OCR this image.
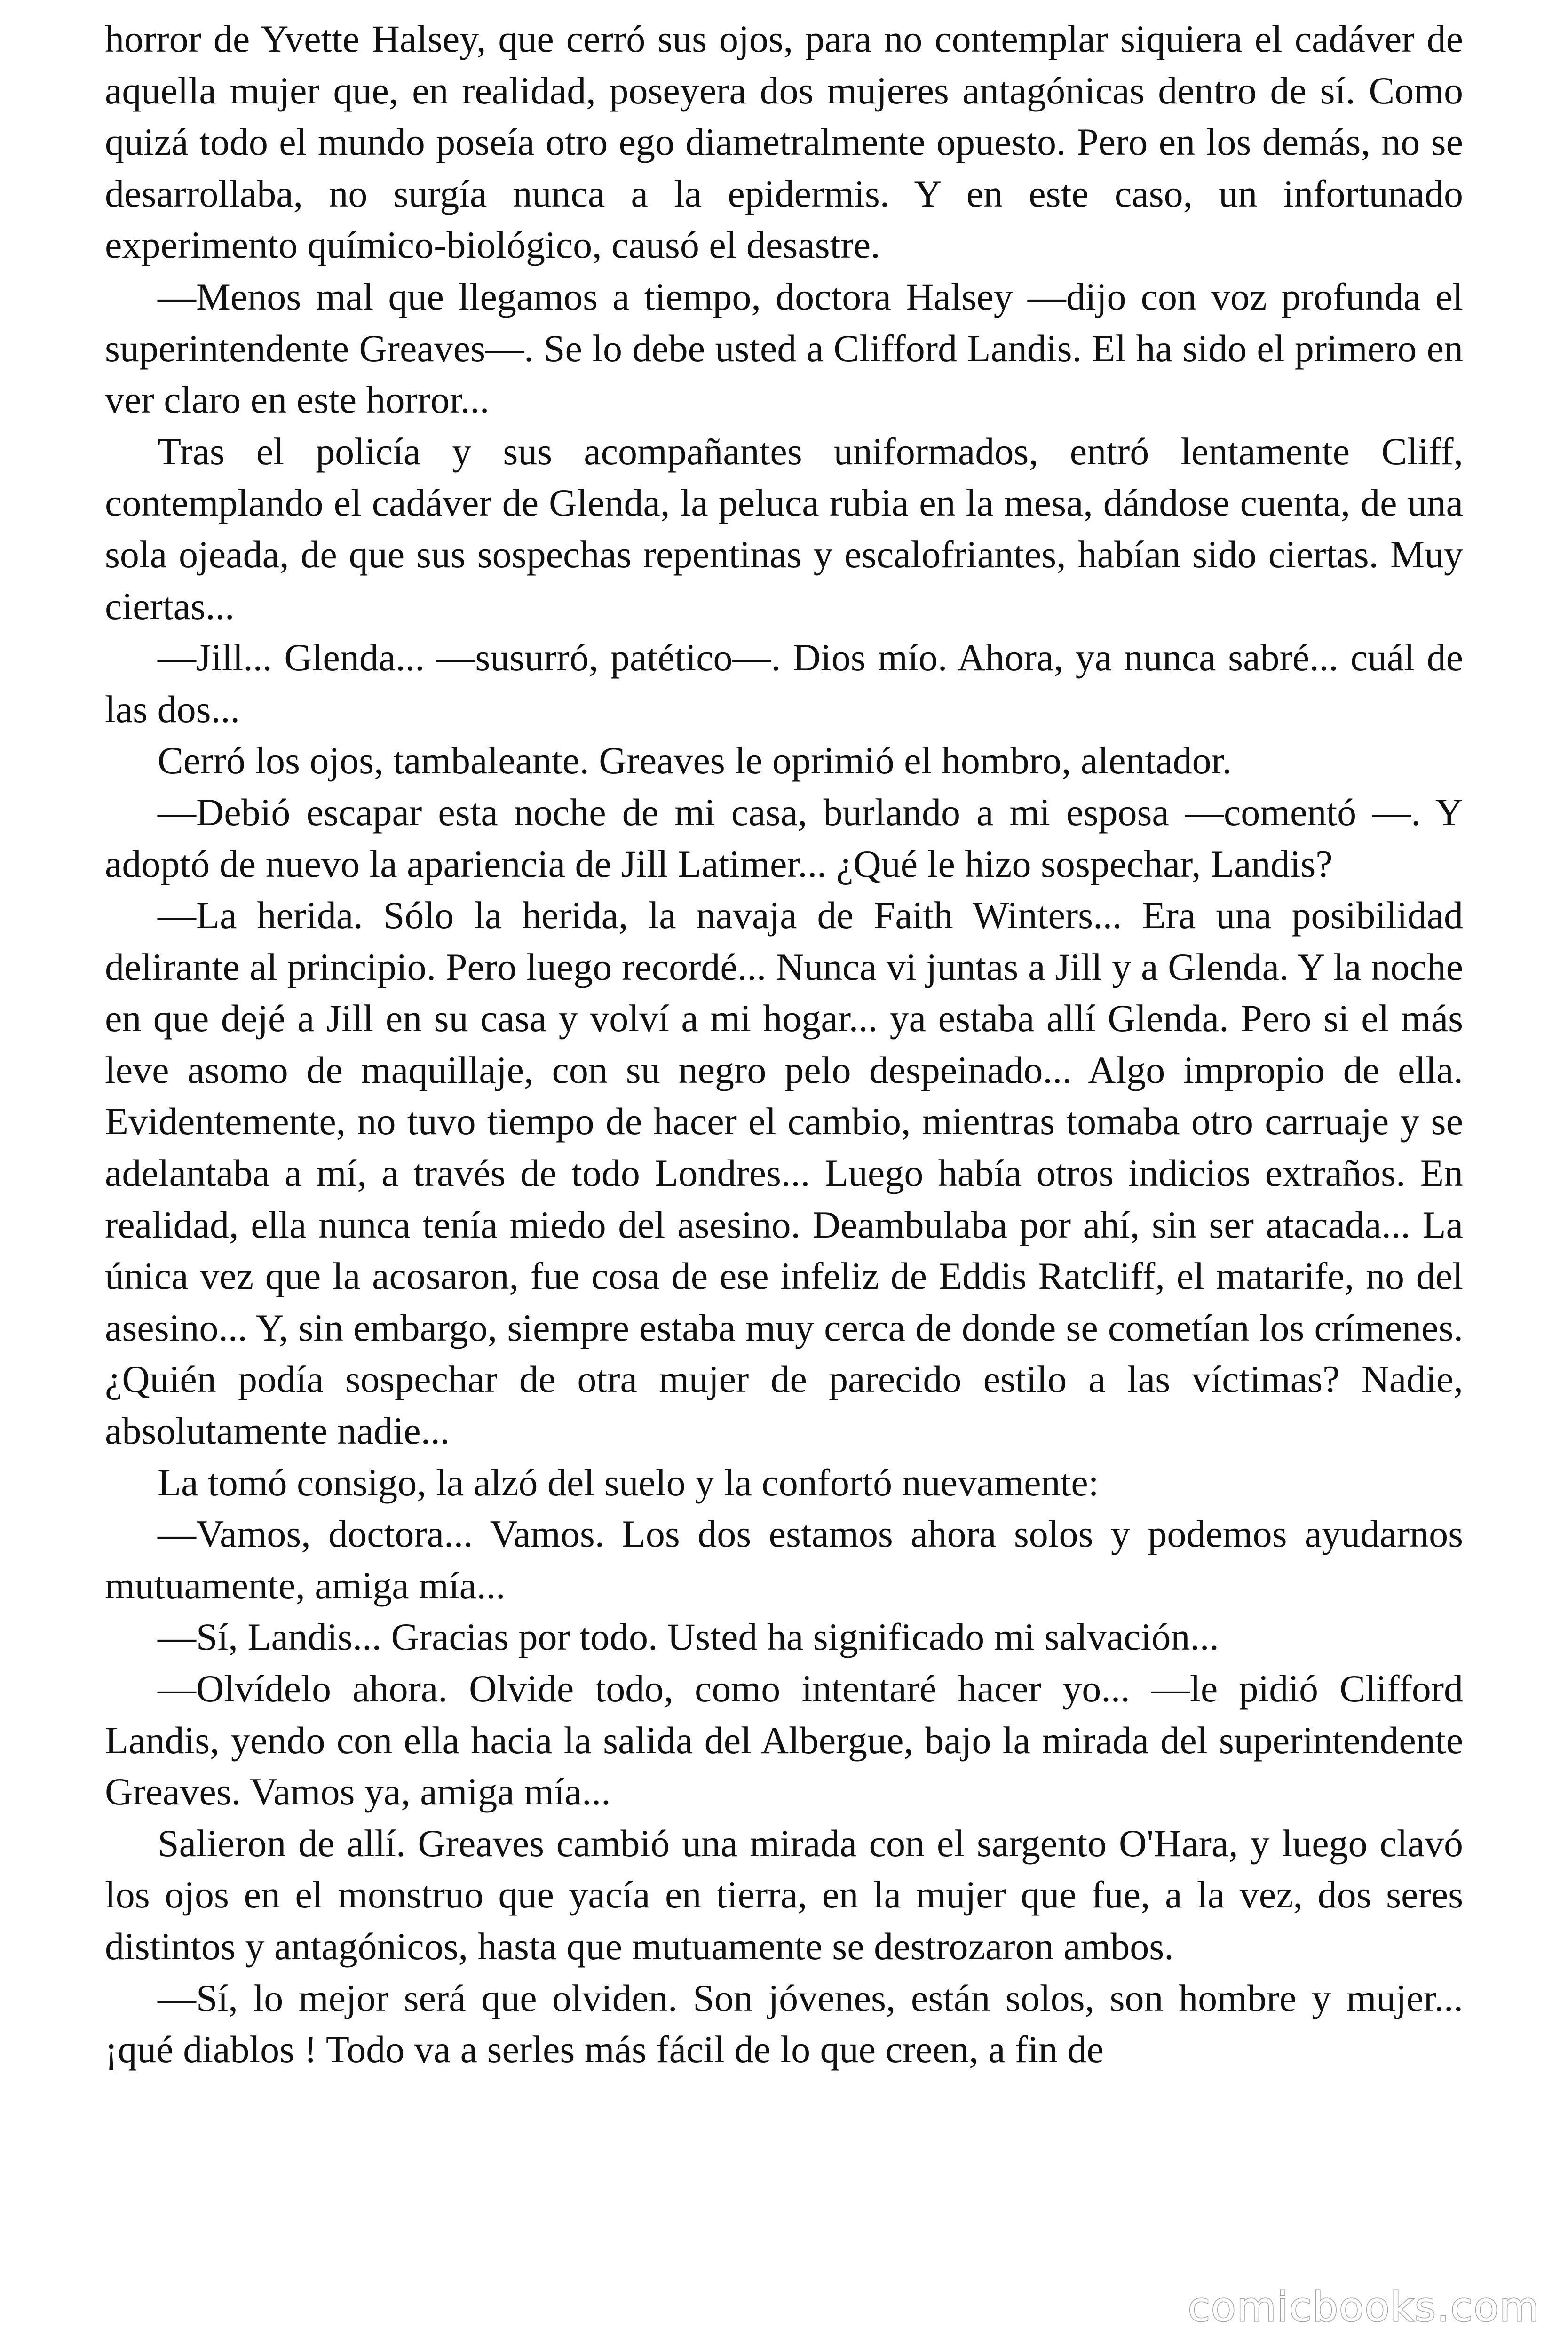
horror de Yvette Halsey, que cerró sus ojos, para no contemplar siquiera el cadáver de aquella mujer que, en realidad, poseyera dos mujeres antagónicas dentro de sí. Como quizá todo el mundo poseía otro ego diametralmente opuesto. Pero en los demás, no se desarrollaba, no surgía nunca a la epidermis. Y en este caso, un infortunado experimento químico-biológico, causó el desastre.

—Menos mal que llegamos a tiempo, doctora Halsey —dijo con voz profunda el superintendente Greaves—. Se lo debe usted a Clifford Landis. El ha sido el primero en ver claro en este horror...

Tras el policía y sus acompañantes uniformados, entró lentamente Cliff, contemplando el cadáver de Glenda, la peluca rubia en la mesa, dándose cuenta, de una sola ojeada, de que sus sospechas repentinas y escalofriantes, habían sido ciertas. Muy ciertas...

—Jill... Glenda... —susurró, patético—. Dios mío. Ahora, ya nunca sabré... cuál de las dos...

Cerró los ojos, tambaleante. Greaves le oprimió el hombro, alentador.

—Debió escapar esta noche de mi casa, burlando a mi esposa —comentó —. Y adoptó de nuevo la apariencia de Jill Latimer... ¿Qué le hizo sospechar, Landis?

—La herida. Sólo la herida, la navaja de Faith Winters... Era una posibilidad delirante al principio. Pero luego recordé... Nunca vi juntas a Jill y a Glenda. Y la noche en que dejé a Jill en su casa y volví a mi hogar... ya estaba allí Glenda. Pero si el más leve asomo de maquillaje, con su negro pelo despeinado... Algo impropio de ella. Evidentemente, no tuvo tiempo de hacer el cambio, mientras tomaba otro carruaje y se adelantaba a mí, a través de todo Londres... Luego había otros indicios extraños. En realidad, ella nunca tenía miedo del asesino. Deambulaba por ahí, sin ser atacada... La única vez que la acosaron, fue cosa de ese infeliz de Eddis Ratcliff, el matarife, no del asesino... Y, sin embargo, siempre estaba muy cerca de donde se cometían los crímenes. ¿Quién podía sospechar de otra mujer de parecido estilo a las víctimas? Nadie, absolutamente nadie...

La tomó consigo, la alzó del suelo y la confortó nuevamente:

—Vamos, doctora... Vamos. Los dos estamos ahora solos y podemos ayudarnos mutuamente, amiga mía...

—Sí, Landis... Gracias por todo. Usted ha significado mi salvación...

—Olvídelo ahora. Olvide todo, como intentaré hacer yo... —le pidió Clifford Landis, yendo con ella hacia la salida del Albergue, bajo la mirada del superintendente Greaves. Vamos ya, amiga mía...

Salieron de allí. Greaves cambió una mirada con el sargento O'Hara, y luego clavó los ojos en el monstruo que yacía en tierra, en la mujer que fue, a la vez, dos seres distintos y antagónicos, hasta que mutuamente se destrozaron ambos.

—Sí, lo mejor será que olviden. Son jóvenes, están solos, son hombre y mujer... ¡qué diablos ! Todo va a serles más fácil de lo que creen, a fin de

comicbooks.com
